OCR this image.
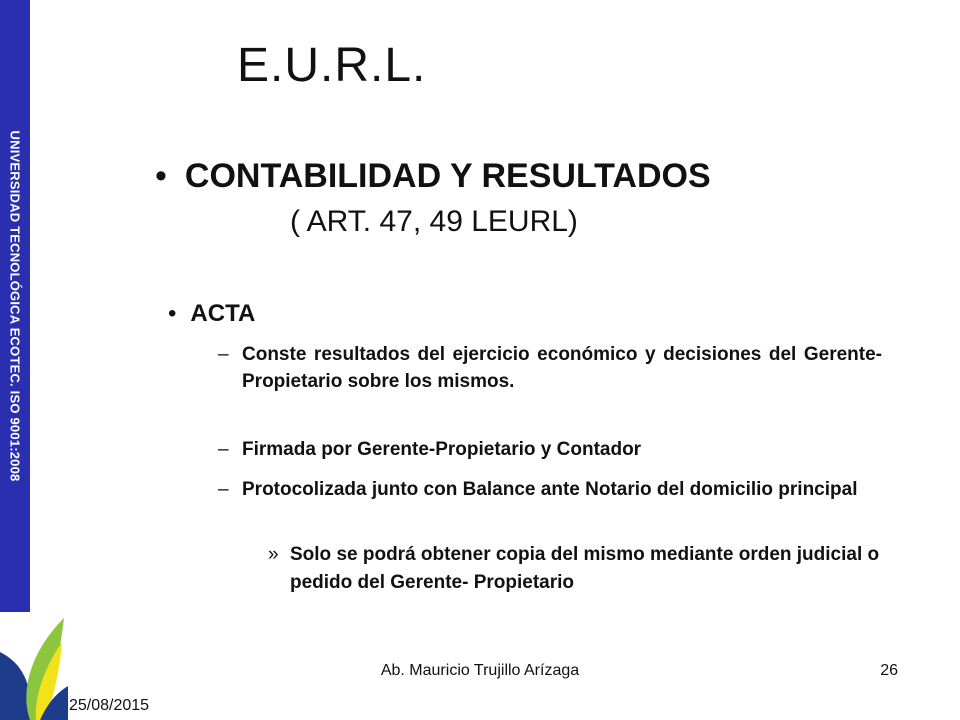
UNIVERSIDAD TECNOLÓGICA ECOTEC. ISO 9001:2008
E.U.R.L.
• CONTABILIDAD Y RESULTADOS
( ART. 47, 49 LEURL)
• ACTA
– Conste resultados del ejercicio económico y decisiones del Gerente-Propietario sobre los mismos.
– Firmada por Gerente-Propietario y Contador
– Protocolizada junto con Balance ante Notario del domicilio principal
» Solo se podrá obtener copia del mismo mediante orden judicial o pedido del Gerente- Propietario
Ab. Mauricio Trujillo Arízaga	26
25/08/2015
